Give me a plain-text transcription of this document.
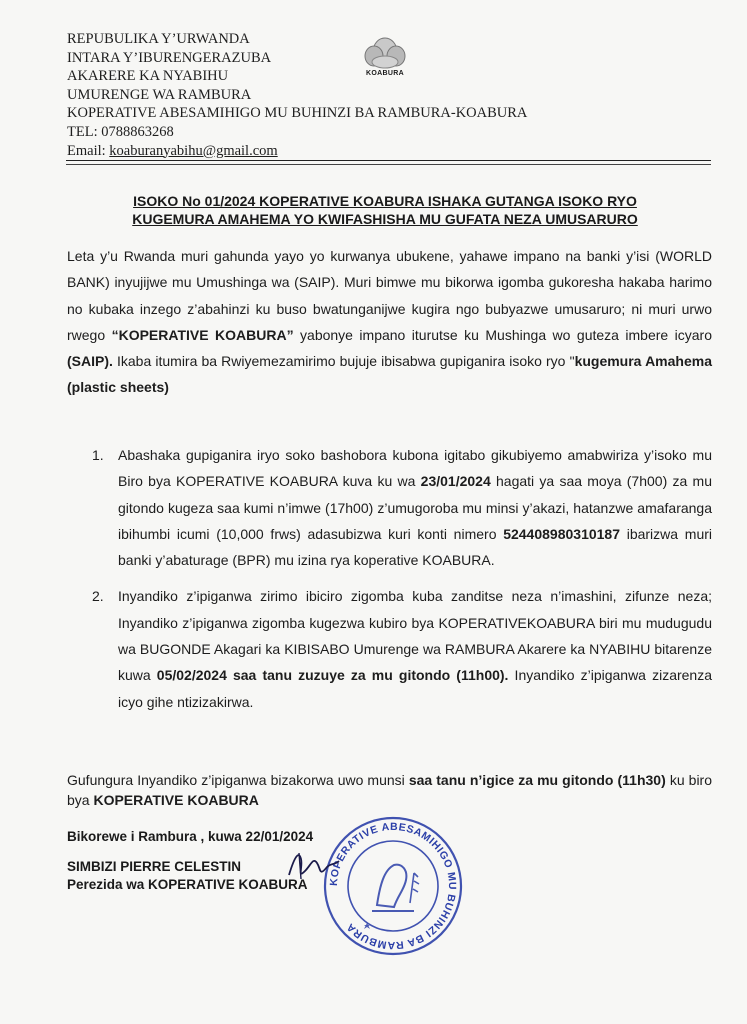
REPUBULIKA Y’URWANDA
INTARA Y’IBURENGERAZUBA
AKARERE KA NYABIHU
UMURENGE WA RAMBURA
KOPERATIVE ABESAMIHIGO MU BUHINZI BA RAMBURA-KOABURA
TEL: 0788863268
Email: koaburanyabihu@gmail.com
KOABURA
ISOKO No 01/2024 KOPERATIVE KOABURA ISHAKA GUTANGA ISOKO RYO
KUGEMURA AMAHEMA YO KWIFASHISHA MU GUFATA NEZA UMUSARURO
Leta y’u Rwanda muri gahunda yayo yo kurwanya ubukene, yahawe impano na banki y’isi (WORLD BANK) inyujijwe mu Umushinga wa (SAIP). Muri bimwe mu bikorwa igomba gukoresha hakaba harimo no kubaka inzego z’abahinzi ku buso bwatunganijwe kugira ngo bubyazwe umusaruro; ni muri urwo rwego “KOPERATIVE KOABURA” yabonye impano iturutse ku Mushinga wo guteza imbere icyaro (SAIP). Ikaba itumira ba Rwiyemezamirimo bujuje ibisabwa gupiganira isoko ryo "kugemura Amahema (plastic sheets)
1. Abashaka gupiganira iryo soko bashobora kubona igitabo gikubiyemo amabwiriza y’isoko mu Biro bya KOPERATIVE KOABURA kuva ku wa 23/01/2024 hagati ya saa moya (7h00) za mu gitondo kugeza saa kumi n’imwe (17h00) z’umugoroba mu minsi y’akazi, hatanzwe amafaranga ibihumbi icumi (10,000 frws) adasubizwa kuri konti nimero 524408980310187 ibarizwa muri banki y’abaturage (BPR) mu izina rya koperative KOABURA.
2. Inyandiko z’ipiganwa zirimo ibiciro zigomba kuba zanditse neza n’imashini, zifunze neza; Inyandiko z’ipiganwa zigomba kugezwa kubiro bya KOPERATIVEKOABURA biri mu mudugudu wa BUGONDE Akagari ka KIBISABO Umurenge wa RAMBURA Akarere ka NYABIHU bitarenze kuwa 05/02/2024 saa tanu zuzuye za mu gitondo (11h00). Inyandiko z’ipiganwa zizarenza icyo gihe ntizizakirwa.
Gufungura Inyandiko z’ipiganwa bizakorwa uwo munsi saa tanu n’igice za mu gitondo (11h30) ku biro bya KOPERATIVE KOABURA
Bikorewe i Rambura , kuwa 22/01/2024
SIMBIZI PIERRE CELESTIN
Perezida wa KOPERATIVE KOABURA KOPERATIVE ABESAMIHIGO MU BUHINZI BA RAMBURA
